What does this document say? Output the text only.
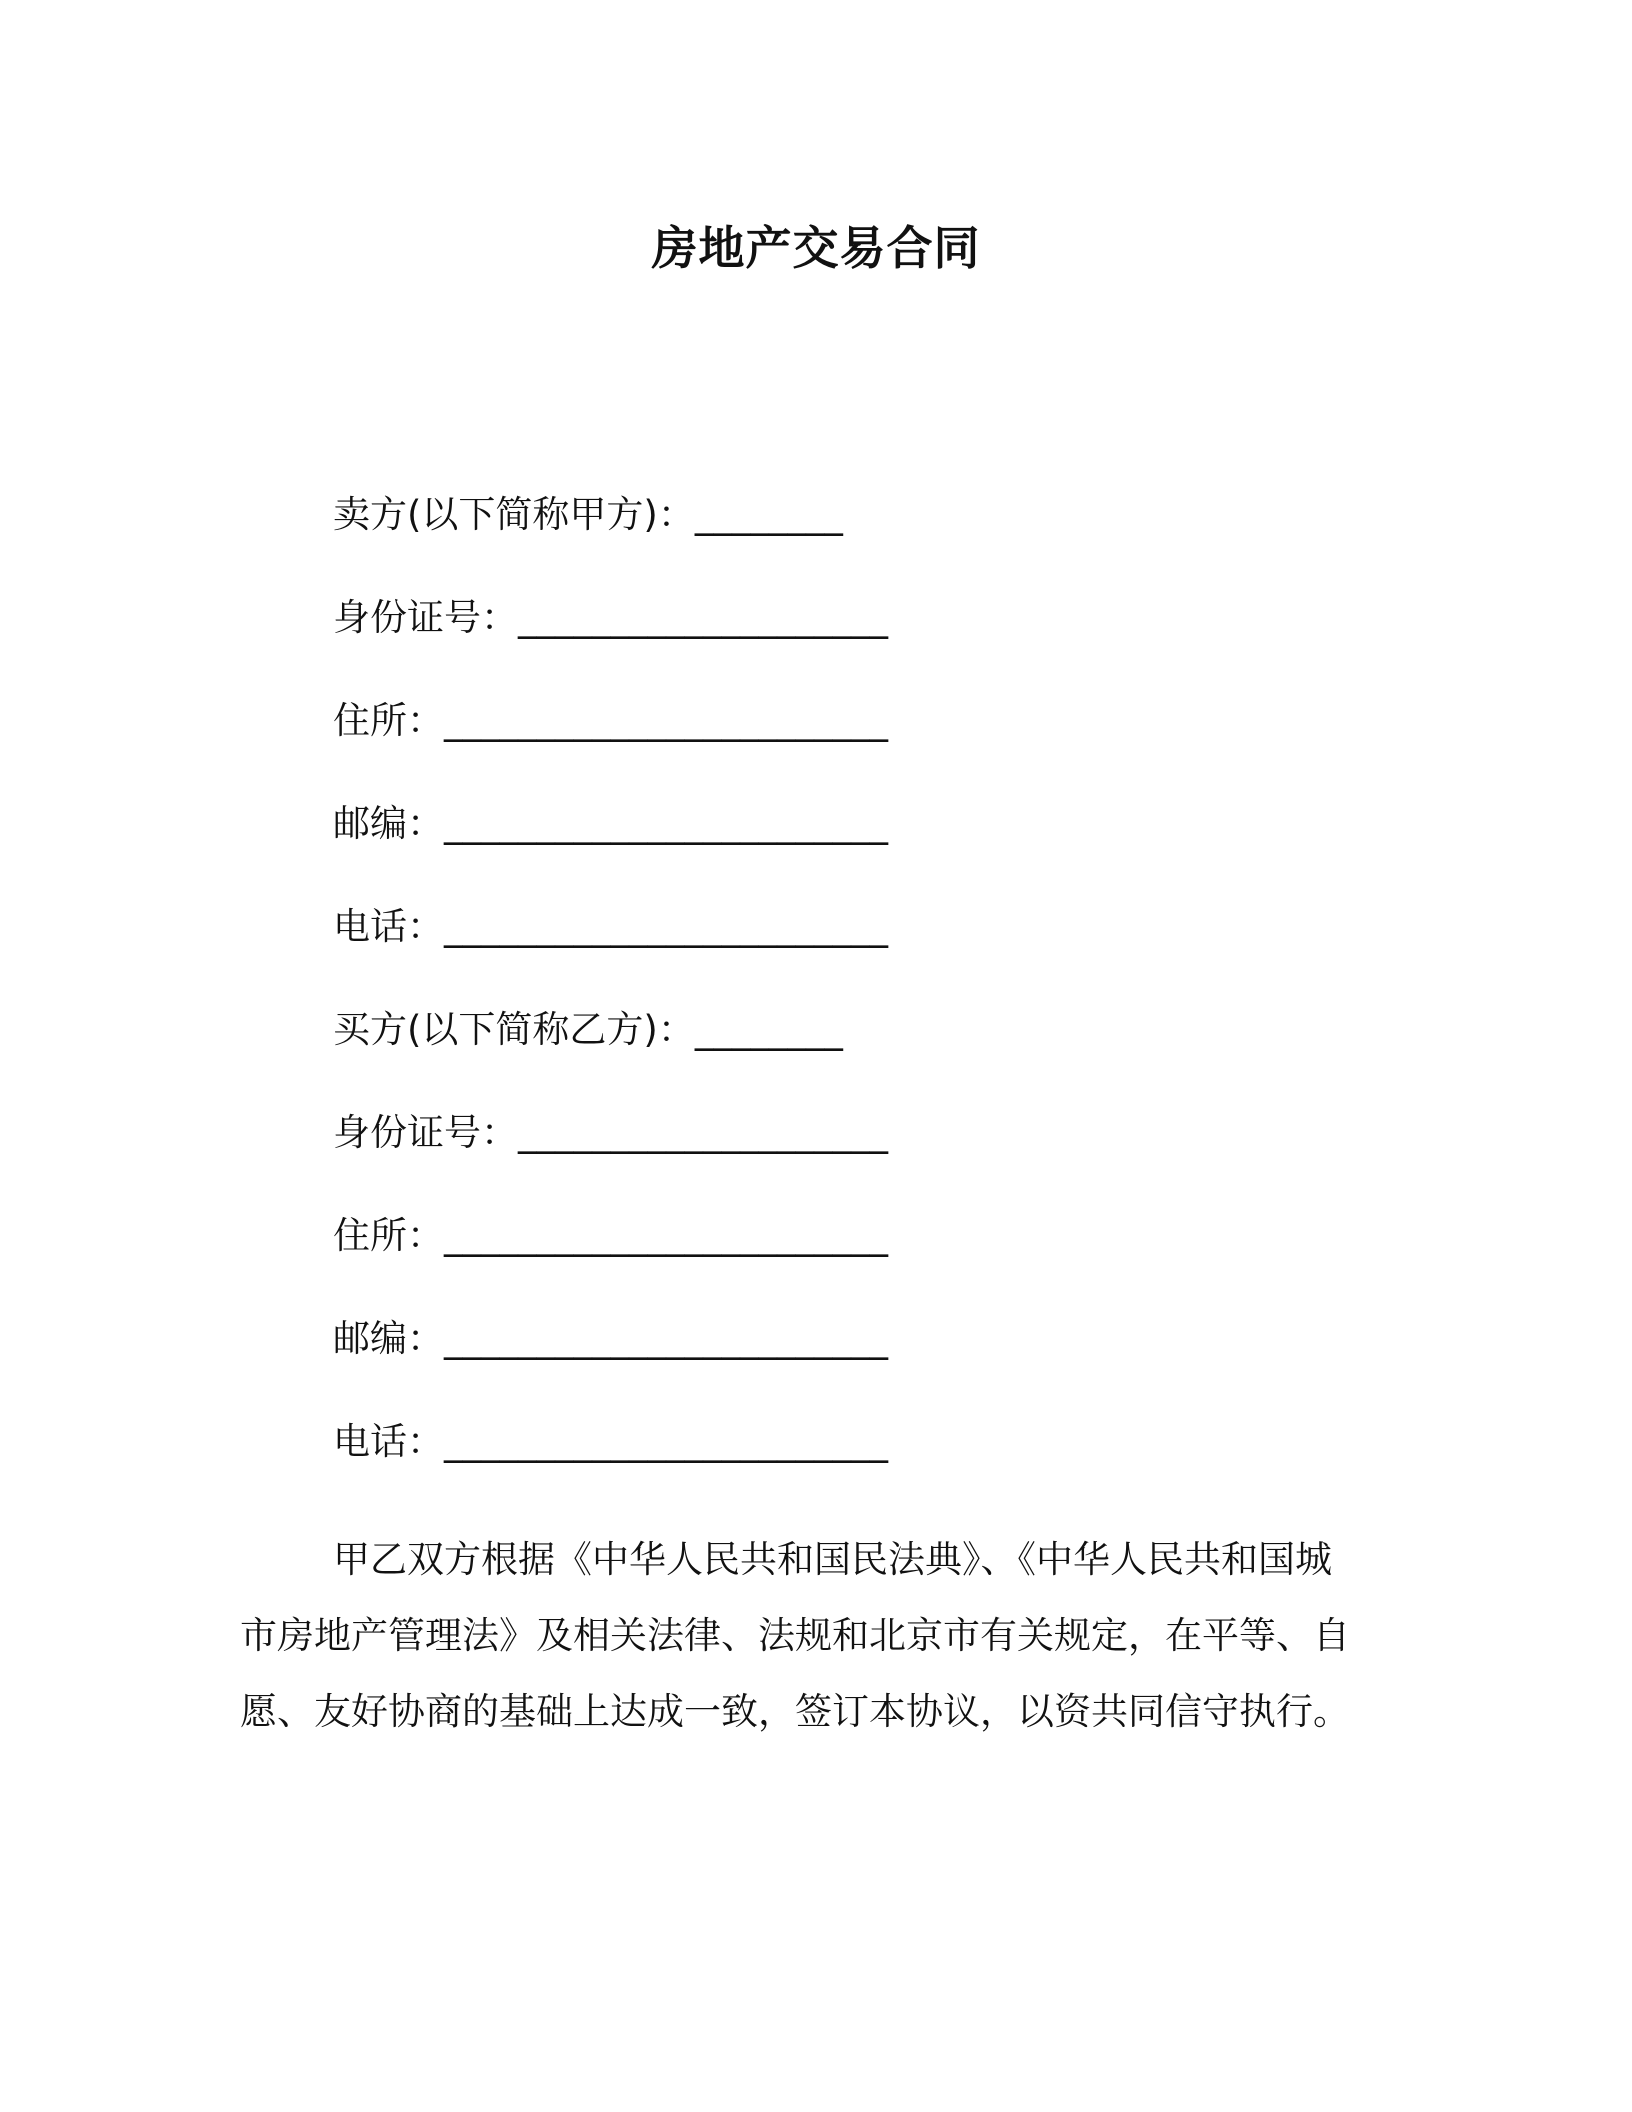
房地产交易合同
卖方(以下简称甲方)：________
身份证号：____________________
住所：________________________
邮编：________________________
电话：________________________
买方(以下简称乙方)：________
身份证号：____________________
住所：________________________
邮编：________________________
电话：________________________
甲乙双方根据《中华人民共和国民法典》、《中华人民共和国城
市房地产管理法》及相关法律、法规和北京市有关规定，在平等、自
愿、友好协商的基础上达成一致，签订本协议，以资共同信守执行。
